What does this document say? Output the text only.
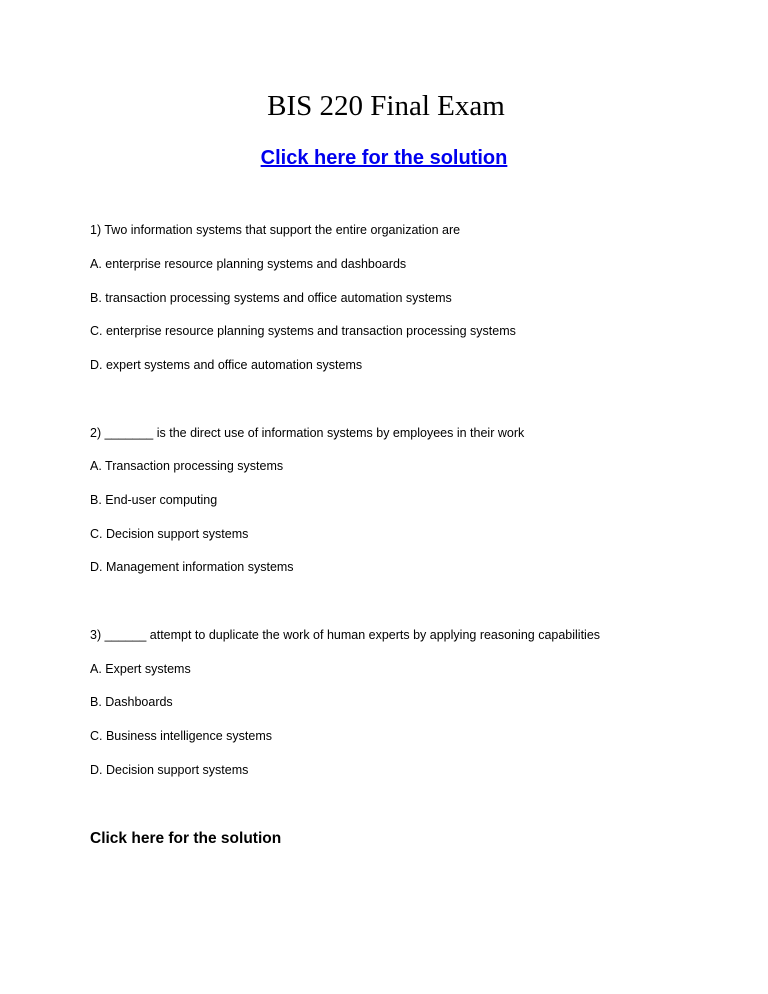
BIS 220 Final Exam
Click here for the solution
1) Two information systems that support the entire organization are
A. enterprise resource planning systems and dashboards
B. transaction processing systems and office automation systems
C. enterprise resource planning systems and transaction processing systems
D. expert systems and office automation systems
2) _______ is the direct use of information systems by employees in their work
A. Transaction processing systems
B. End-user computing
C. Decision support systems
D. Management information systems
3) ______ attempt to duplicate the work of human experts by applying reasoning capabilities
A. Expert systems
B. Dashboards
C. Business intelligence systems
D. Decision support systems
Click here for the solution
